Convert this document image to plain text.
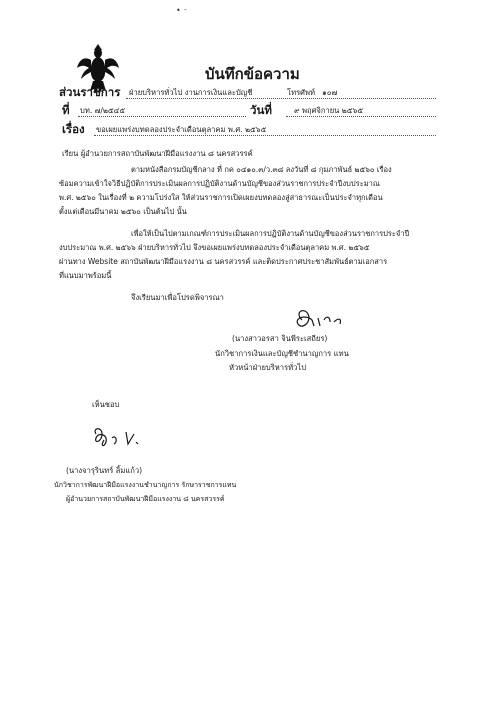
• ⁻
บันทึกข้อความ
ส่วนราชการ ฝ่ายบริหารทั่วไป งานการเงินและบัญชี	โทรศัพท์ ๑๐๗
ที่ บท. ๗/๒๕๔๕	วันที่	๙ พฤศจิกายน ๒๕๖๕
เรื่อง ขอเผยแพร่งบทดลองประจำเดือนตุลาคม พ.ศ. ๒๕๖๕
เรียน ผู้อำนวยการสถาบันพัฒนาฝีมือแรงงาน ๘ นครสวรรค์
ตามหนังสือกรมบัญชีกลาง ที่ กค ๐๔๑๐.๓/ว.๓๘ ลงวันที่ ๘ กุมภาพันธ์ ๒๕๖๐ เรื่อง
ซ้อมความเข้าใจวิธีปฏิบัติการประเมินผลการปฏิบัติงานด้านบัญชีของส่วนราชการประจำปีงบประมาณ
พ.ศ. ๒๕๖๐ ในเรื่องที่ ๒ ความโปร่งใส ให้ส่วนราชการเปิดเผยงบทดลองสู่สาธารณะเป็นประจำทุกเดือน
ตั้งแต่เดือนมีนาคม ๒๕๖๐ เป็นต้นไป นั้น
เพื่อให้เป็นไปตามเกณฑ์การประเมินผลการปฏิบัติงานด้านบัญชีของส่วนราชการประจำปี
งบประมาณ พ.ศ. ๒๕๖๖ ฝ่ายบริหารทั่วไป จึงขอเผยแพร่งบทดลองประจำเดือนตุลาคม พ.ศ. ๒๕๖๕
ผ่านทาง Website สถาบันพัฒนาฝีมือแรงงาน ๘ นครสวรรค์ และติดประกาศประชาสัมพันธ์ตามเอกสาร
ที่แนบมาพร้อมนี้
จึงเรียนมาเพื่อโปรดพิจารณา
(นางสาวอรสา จินพีระเสถียร)
นักวิชาการเงินและบัญชีชำนาญการ แทน
หัวหน้าฝ่ายบริหารทั่วไป
เห็นชอบ
(นางจารุรินทร์ ลิ้มแก้ว)
นักวิชาการพัฒนาฝีมือแรงงานชำนาญการ รักษาราชการแทน
ผู้อำนวยการสถาบันพัฒนาฝีมือแรงงาน ๘ นครสวรรค์
